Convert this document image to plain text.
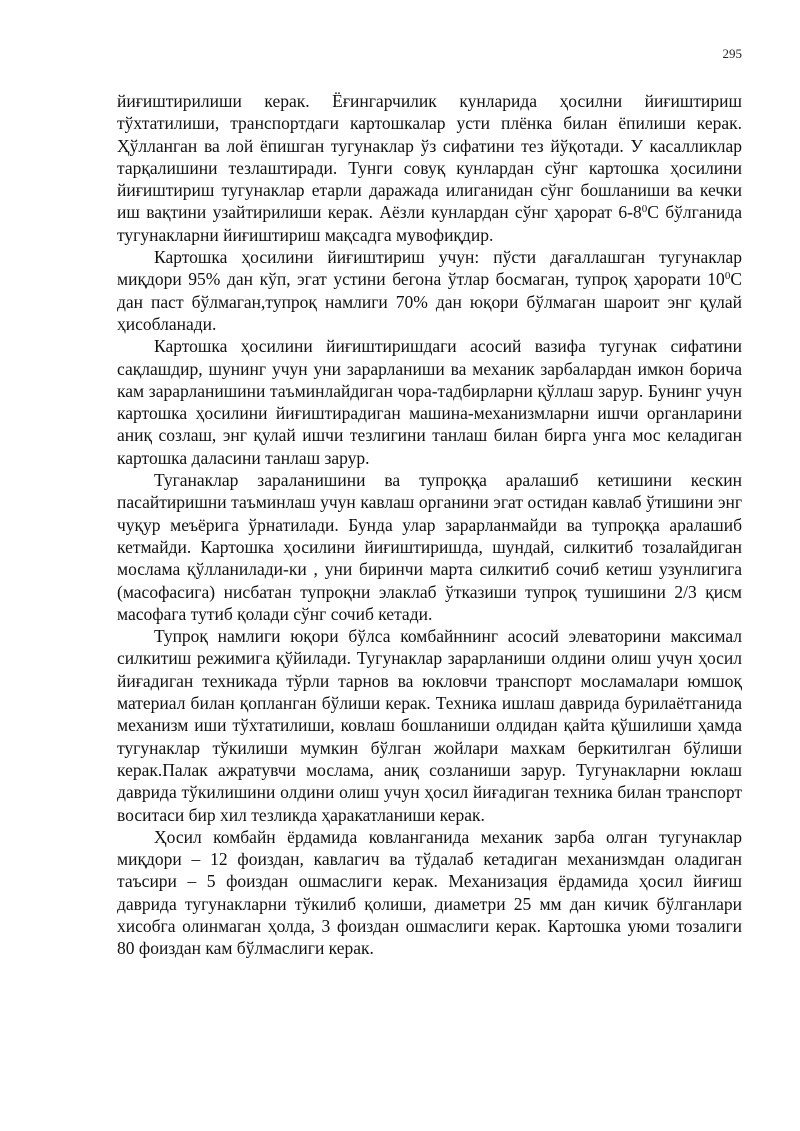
295

йиғиштирилиши керак. Ёғингарчилик кунларида ҳосилни йиғиштириш тўхтатилиши, транспортдаги картошкалар усти плёнка билан ёпилиши керак. Ҳўлланган ва лой ёпишган тугунаклар ўз сифатини тез йўқотади. У касалликлар тарқалишини тезлаштиради. Тунги совуқ кунлардан сўнг картошка ҳосилини йиғиштириш тугунаклар етарли даражада илиганидан сўнг бошланиши ва кечки иш вақтини узайтирилиши керак. Аёзли кунлардан сўнг ҳарорат $6-8^0С$ бўлганида тугунакларни йиғиштириш мақсадга мувофиқдир.

Картошка ҳосилини йиғиштириш учун: пўсти дағаллашган тугунаклар миқдори 95% дан кўп, эгат устини бегона ўтлар босмаган, тупроқ ҳарорати $10^0С$ дан паст бўлмаган,тупроқ намлиги 70% дан юқори бўлмаган шароит энг қулай ҳисобланади.

Картошка ҳосилини йиғиштиришдаги асосий вазифа тугунак сифатини сақлашдир, шунинг учун уни зарарланиши ва механик зарбалардан имкон борича кам зарарланишини таъминлайдиган чора-тадбирларни қўллаш зарур. Бунинг учун картошка ҳосилини йиғиштирадиган машина-механизмларни ишчи органларини аниқ созлаш, энг қулай ишчи тезлигини танлаш билан бирга унга мос келадиган картошка даласини танлаш зарур.

Туганаклар зараланишини ва тупроққа аралашиб кетишини кескин пасайтиришни таъминлаш учун кавлаш органини эгат остидан кавлаб ўтишини энг чуқур меъёрига ўрнатилади. Бунда улар зарарланмайди ва тупроққа аралашиб кетмайди. Картошка ҳосилини йиғиштиришда, шундай, силкитиб тозалайдиган мослама қўлланилади-ки , уни биринчи марта силкитиб сочиб кетиш узунлигига (масофасига) нисбатан тупроқни элаклаб ўтказиши тупроқ тушишини 2/3 қисм масофага тутиб қолади сўнг сочиб кетади.

Тупроқ намлиги юқори бўлса комбайннинг асосий элеваторини максимал силкитиш режимига қўйилади. Тугунаклар зарарланиши олдини олиш учун ҳосил йиғадиган техникада тўрли тарнов ва юкловчи транспорт мосламалари юмшоқ материал билан қопланган бўлиши керак. Техника ишлаш даврида бурилаётганида механизм иши тўхтатилиши, ковлаш бошланиши олдидан қайта қўшилиши ҳамда тугунаклар тўкилиши мумкин бўлган жойлари махкам беркитилган бўлиши керак.Палак ажратувчи мослама, аниқ созланиши зарур. Тугунакларни юклаш даврида тўкилишини олдини олиш учун ҳосил йиғадиган техника билан транспорт воситаси бир хил тезликда ҳаракатланиши керак.

Ҳосил комбайн ёрдамида ковланганида механик зарба олган тугунаклар миқдори – 12 фоиздан, кавлагич ва тўдалаб кетадиган механизмдан оладиган таъсири – 5 фоиздан ошмаслиги керак. Механизация ёрдамида ҳосил йиғиш даврида тугунакларни тўкилиб қолиши, диаметри 25 мм дан кичик бўлганлари хисобга олинмаган ҳолда, 3 фоиздан ошмаслиги керак. Картошка уюми тозалиги 80 фоиздан кам бўлмаслиги керак.
